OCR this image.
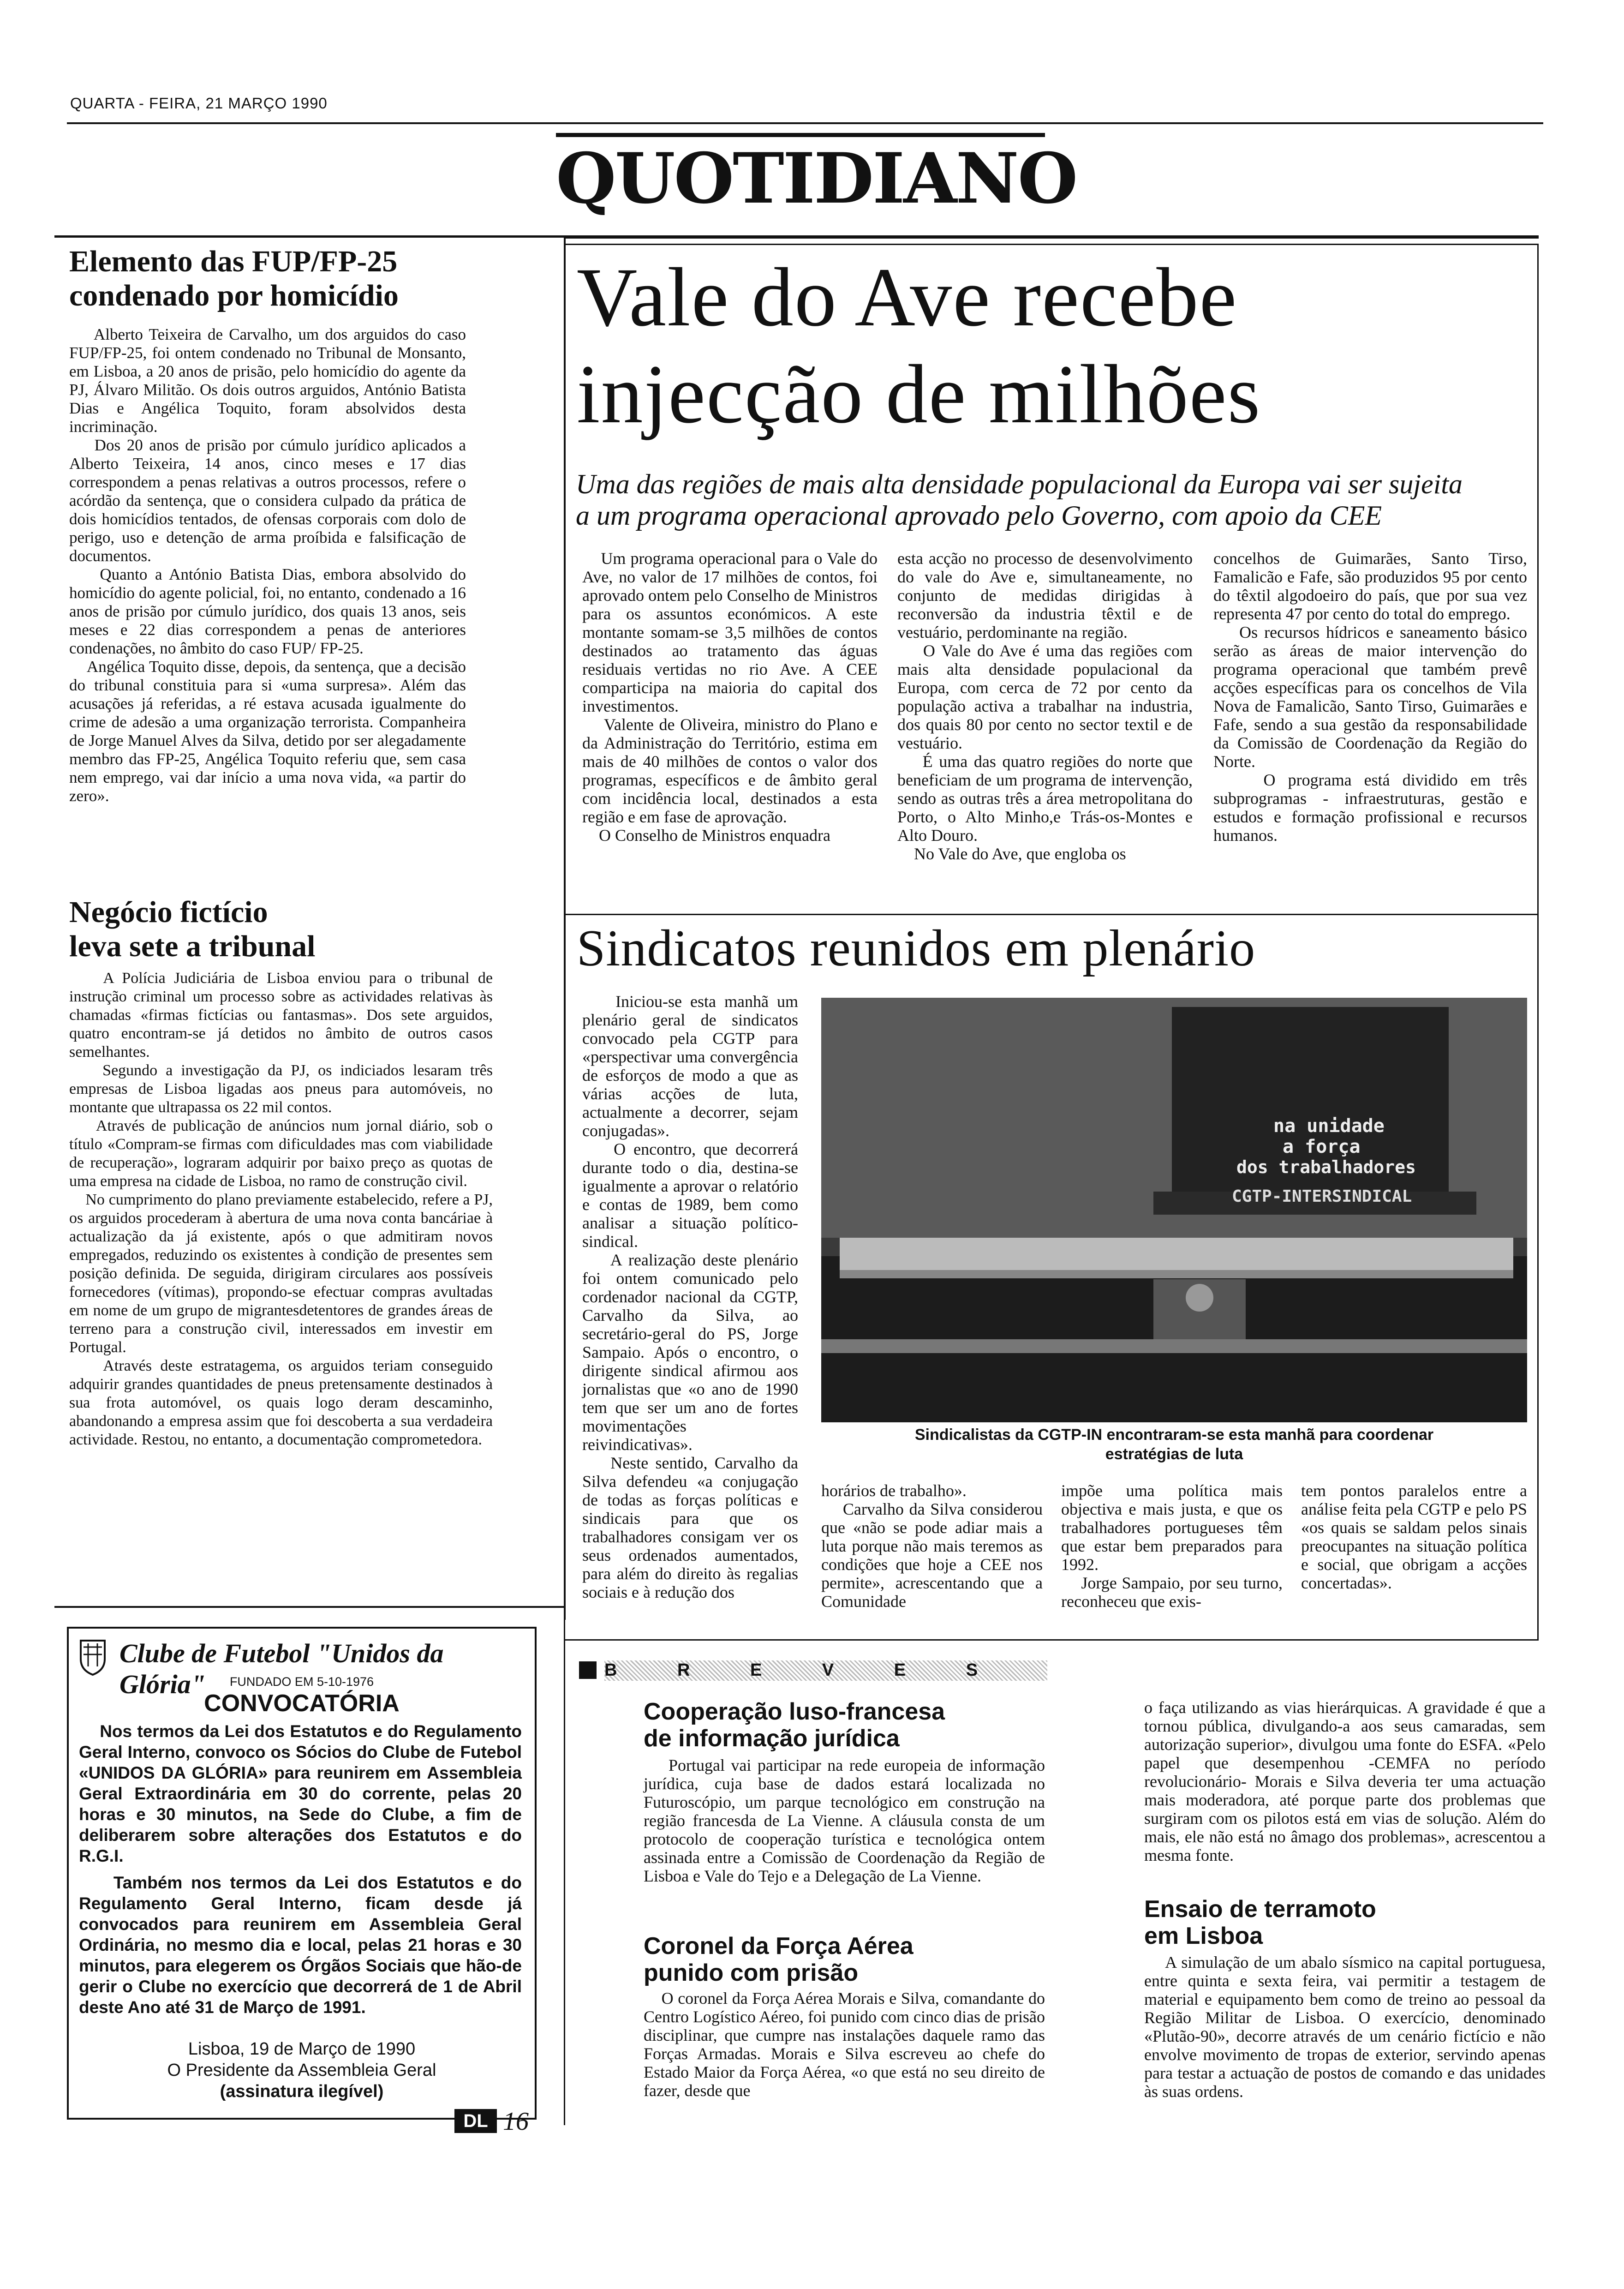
QUARTA - FEIRA, 21 MARÇO 1990
QUOTIDIANO
Elemento das FUP/FP-25
condenado por homicídio
Alberto Teixeira de Carvalho, um dos arguidos do caso FUP/FP-25, foi ontem condenado no Tribunal de Monsanto, em Lisboa, a 20 anos de prisão, pelo homicídio do agente da PJ, Álvaro Militão. Os dois outros arguidos, António Batista Dias e Angélica Toquito, foram absolvidos desta incriminação.
Dos 20 anos de prisão por cúmulo jurídico aplicados a Alberto Teixeira, 14 anos, cinco meses e 17 dias correspondem a penas relativas a outros processos, refere o acórdão da sentença, que o considera culpado da prática de dois homicídios tentados, de ofensas corporais com dolo de perigo, uso e detenção de arma proíbida e falsificação de documentos.
Quanto a António Batista Dias, embora absolvido do homicídio do agente policial, foi, no entanto, condenado a 16 anos de prisão por cúmulo jurídico, dos quais 13 anos, seis meses e 22 dias correspondem a penas de anteriores condenações, no âmbito do caso FUP/ FP-25.
Angélica Toquito disse, depois, da sentença, que a decisão do tribunal constituia para si «uma surpresa». Além das acusações já referidas, a ré estava acusada igualmente do crime de adesão a uma organização terrorista. Companheira de Jorge Manuel Alves da Silva, detido por ser alegadamente membro das FP-25, Angélica Toquito referiu que, sem casa nem emprego, vai dar início a uma nova vida, «a partir do zero».
Negócio fictício
leva sete a tribunal
A Polícia Judiciária de Lisboa enviou para o tribunal de instrução criminal um processo sobre as actividades relativas às chamadas «firmas fictícias ou fantasmas». Dos sete arguidos, quatro encontram-se já detidos no âmbito de outros casos semelhantes.
Segundo a investigação da PJ, os indiciados lesaram três empresas de Lisboa ligadas aos pneus para automóveis, no montante que ultrapassa os 22 mil contos.
Através de publicação de anúncios num jornal diário, sob o título «Compram-se firmas com dificuldades mas com viabilidade de recuperação», lograram adquirir por baixo preço as quotas de uma empresa na cidade de Lisboa, no ramo de construção civil.
No cumprimento do plano previamente estabelecido, refere a PJ, os arguidos procederam à abertura de uma nova conta bancáriae à actualização da já existente, após o que admitiram novos empregados, reduzindo os existentes à condição de presentes sem posição definida. De seguida, dirigiram circulares aos possíveis fornecedores (vítimas), propondo-se efectuar compras avultadas em nome de um grupo de migrantesdetentores de grandes áreas de terreno para a construção civil, interessados em investir em Portugal.
Através deste estratagema, os arguidos teriam conseguido adquirir grandes quantidades de pneus pretensamente destinados à sua frota automóvel, os quais logo deram descaminho, abandonando a empresa assim que foi descoberta a sua verdadeira actividade. Restou, no entanto, a documentação comprometedora.
Clube de Futebol "Unidos da Glória"	FUNDADO EM 5-10-1976
CONVOCATÓRIA
Nos termos da Lei dos Estatutos e do Regulamento Geral Interno, convoco os Sócios do Clube de Futebol «UNIDOS DA GLÓRIA» para reunirem em Assembleia Geral Extraordinária em 30 do corrente, pelas 20 horas e 30 minutos, na Sede do Clube, a fim de deliberarem sobre alterações dos Estatutos e do R.G.I.
Também nos termos da Lei dos Estatutos e do Regulamento Geral Interno, ficam desde já convocados para reunirem em Assembleia Geral Ordinária, no mesmo dia e local, pelas 21 horas e 30 minutos, para elegerem os Órgãos Sociais que hão-de gerir o Clube no exercício que decorrerá de 1 de Abril deste Ano até 31 de Março de 1991.
Lisboa, 19 de Março de 1990
O Presidente da Assembleia Geral
(assinatura ilegível)
Vale do Ave recebe
injecção de milhões
Uma das regiões de mais alta densidade populacional da Europa vai ser sujeita
a um programa operacional aprovado pelo Governo, com apoio da CEE
Um programa operacional para o Vale do Ave, no valor de 17 milhões de contos, foi aprovado ontem pelo Conselho de Ministros para os assuntos económicos. A este montante somam-se 3,5 milhões de contos destinados ao tratamento das águas residuais vertidas no rio Ave. A CEE comparticipa na maioria do capital dos investimentos.
Valente de Oliveira, ministro do Plano e da Administração do Território, estima em mais de 40 milhões de contos o valor dos programas, específicos e de âmbito geral com incidência local, destinados a esta região e em fase de aprovação.
O Conselho de Ministros enquadra
esta acção no processo de desenvolvimento do vale do Ave e, simultaneamente, no conjunto de medidas dirigidas à reconversão da industria têxtil e de vestuário, perdominante na região.
O Vale do Ave é uma das regiões com mais alta densidade populacional da Europa, com cerca de 72 por cento da população activa a trabalhar na industria, dos quais 80 por cento no sector textil e de vestuário.
É uma das quatro regiões do norte que beneficiam de um programa de intervenção, sendo as outras três a área metropolitana do Porto, o Alto Minho,e Trás-os-Montes e Alto Douro.
No Vale do Ave, que engloba os
concelhos de Guimarães, Santo Tirso, Famalicão e Fafe, são produzidos 95 por cento do têxtil algodoeiro do país, que por sua vez representa 47 por cento do total do emprego.
Os recursos hídricos e saneamento básico serão as áreas de maior intervenção do programa operacional que também prevê acções específicas para os concelhos de Vila Nova de Famalicão, Santo Tirso, Guimarães e Fafe, sendo a sua gestão da responsabilidade da Comissão de Coordenação da Região do Norte.
O programa está dividido em três subprogramas - infraestruturas, gestão e estudos e formação profissional e recursos humanos.
Sindicatos reunidos em plenário
Iniciou-se esta manhã um plenário geral de sindicatos convocado pela CGTP para «perspectivar uma convergência de esforços de modo a que as várias acções de luta, actualmente a decorrer, sejam conjugadas».
O encontro, que decorrerá durante todo o dia, destina-se igualmente a aprovar o relatório e contas de 1989, bem como analisar a situação político-sindical.
A realização deste plenário foi ontem comunicado pelo cordenador nacional da CGTP, Carvalho da Silva, ao secretário-geral do PS, Jorge Sampaio. Após o encontro, o dirigente sindical afirmou aos jornalistas que «o ano de 1990 tem que ser um ano de fortes movimentações reivindicativas».
Neste sentido, Carvalho da Silva defendeu «a conjugação de todas as forças políticas e sindicais para que os trabalhadores consigam ver os seus ordenados aumentados, para além do direito às regalias sociais e à redução dos
na unidade
a força
dos trabalhadores
CGTP-INTERSINDICAL
Sindicalistas da CGTP-IN encontraram-se esta manhã para coordenar
estratégias de luta
horários de trabalho».
Carvalho da Silva considerou que «não se pode adiar mais a luta porque não mais teremos as condições que hoje a CEE nos permite», acrescentando que a Comunidade
impõe uma política mais objectiva e mais justa, e que os trabalhadores portugueses têm que estar bem preparados para 1992.
Jorge Sampaio, por seu turno, reconheceu que exis-
tem pontos paralelos entre a análise feita pela CGTP e pelo PS «os quais se saldam pelos sinais preocupantes na situação política e social, que obrigam a acções concertadas».
B R E V E S
Cooperação luso-francesa
de informação jurídica
Portugal vai participar na rede europeia de informação jurídica, cuja base de dados estará localizada no Futuroscópio, um parque tecnológico em construção na região francesda de La Vienne. A cláusula consta de um protocolo de cooperação turística e tecnológica ontem assinada entre a Comissão de Coordenação da Região de Lisboa e Vale do Tejo e a Delegação de La Vienne.
Coronel da Força Aérea
punido com prisão
O coronel da Força Aérea Morais e Silva, comandante do Centro Logístico Aéreo, foi punido com cinco dias de prisão disciplinar, que cumpre nas instalações daquele ramo das Forças Armadas. Morais e Silva escreveu ao chefe do Estado Maior da Força Aérea, «o que está no seu direito de fazer, desde que
o faça utilizando as vias hierárquicas. A gravidade é que a tornou pública, divulgando-a aos seus camaradas, sem autorização superior», divulgou uma fonte do ESFA. «Pelo papel que desempenhou -CEMFA no período revolucionário- Morais e Silva deveria ter uma actuação mais moderadora, até porque parte dos problemas que surgiram com os pilotos está em vias de solução. Além do mais, ele não está no âmago dos problemas», acrescentou a mesma fonte.
Ensaio de terramoto
em Lisboa
A simulação de um abalo sísmico na capital portuguesa, entre quinta e sexta feira, vai permitir a testagem de material e equipamento bem como de treino ao pessoal da Região Militar de Lisboa. O exercício, denominado «Plutão-90», decorre através de um cenário fictício e não envolve movimento de tropas de exterior, servindo apenas para testar a actuação de postos de comando e das unidades às suas ordens.
DL 16
